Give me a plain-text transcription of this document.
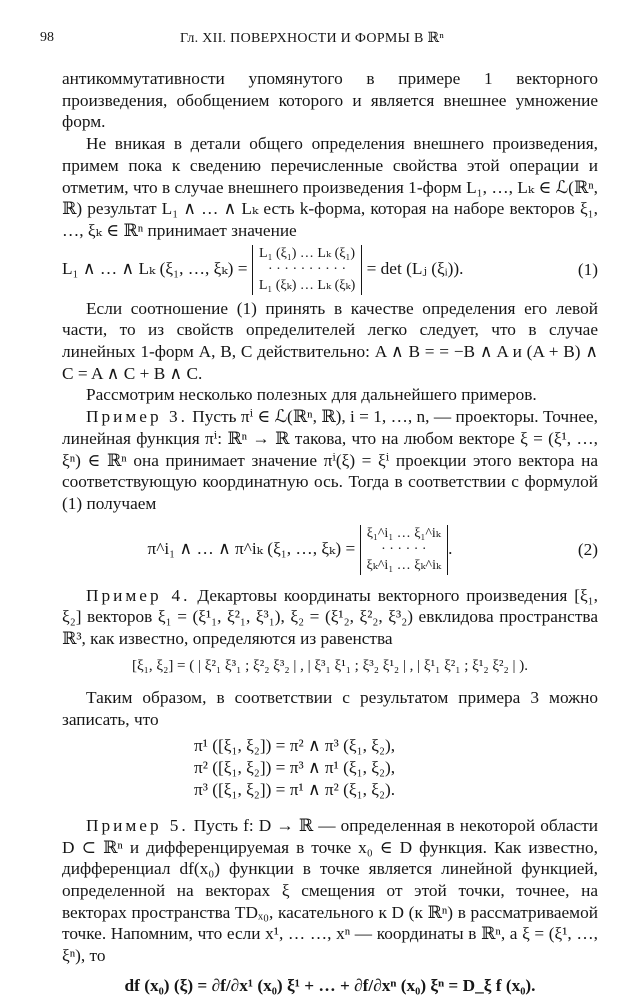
98	Гл. XII. ПОВЕРХНОСТИ И ФОРМЫ В ℝⁿ

антикоммутативности упомянутого в примере 1 векторного произведения, обобщением которого и является внешнее умножение форм.

Не вникая в детали общего определения внешнего произведения, примем пока к сведению перечисленные свойства этой операции и отметим, что в случае внешнего произведения 1-форм L₁, …, Lₖ ∈ ℒ(ℝⁿ, ℝ) результат L₁ ∧ … ∧ Lₖ есть k-форма, которая на наборе векторов ξ₁, …, ξₖ ∈ ℝⁿ принимает значение

L₁ ∧ … ∧ Lₖ (ξ₁, …, ξₖ) =
L₁ (ξ₁) … Lₖ (ξ₁)
· · · · · · · · · ·
L₁ (ξₖ) … Lₖ (ξₖ)
= det (Lⱼ (ξᵢ)).	(1)

Если соотношение (1) принять в качестве определения его левой части, то из свойств определителей легко следует, что в случае линейных 1-форм A, B, C действительно: A ∧ B = = −B ∧ A и (A + B) ∧ C = A ∧ C + B ∧ C.

Рассмотрим несколько полезных для дальнейшего примеров.

Пример 3. Пусть πⁱ ∈ ℒ(ℝⁿ, ℝ), i = 1, …, n, — проекторы. Точнее, линейная функция πⁱ: ℝⁿ → ℝ такова, что на любом векторе ξ = (ξ¹, …, ξⁿ) ∈ ℝⁿ она принимает значение πⁱ(ξ) = ξⁱ проекции этого вектора на соответствующую координатную ось. Тогда в соответствии с формулой (1) получаем

π^i₁ ∧ … ∧ π^iₖ (ξ₁, …, ξₖ) =
ξ₁^i₁ … ξ₁^iₖ
· · · · · ·
ξₖ^i₁ … ξₖ^iₖ
.	(2)

Пример 4. Декартовы координаты векторного произведения [ξ₁, ξ₂] векторов ξ₁ = (ξ¹₁, ξ²₁, ξ³₁), ξ₂ = (ξ¹₂, ξ²₂, ξ³₂) евклидова пространства ℝ³, как известно, определяются из равенства

[ξ₁, ξ₂] = ( | ξ²₁ ξ³₁ ; ξ²₂ ξ³₂ | , | ξ³₁ ξ¹₁ ; ξ³₂ ξ¹₂ | , | ξ¹₁ ξ²₁ ; ξ¹₂ ξ²₂ | ).

Таким образом, в соответствии с результатом примера 3 можно записать, что

π¹ ([ξ₁, ξ₂]) = π² ∧ π³ (ξ₁, ξ₂),
π² ([ξ₁, ξ₂]) = π³ ∧ π¹ (ξ₁, ξ₂),
π³ ([ξ₁, ξ₂]) = π¹ ∧ π² (ξ₁, ξ₂).

Пример 5. Пусть f: D → ℝ — определенная в некоторой области D ⊂ ℝⁿ и дифференцируемая в точке x₀ ∈ D функция. Как известно, дифференциал df(x₀) функции в точке является линейной функцией, определенной на векторах ξ смещения от этой точки, точнее, на векторах пространства TDₓ₀, касательного к D (к ℝⁿ) в рассматриваемой точке. Напомним, что если x¹, … …, xⁿ — координаты в ℝⁿ, а ξ = (ξ¹, …, ξⁿ), то

df (x₀) (ξ) = ∂f/∂x¹ (x₀) ξ¹ + … + ∂f/∂xⁿ (x₀) ξⁿ = D_ξ f (x₀).
